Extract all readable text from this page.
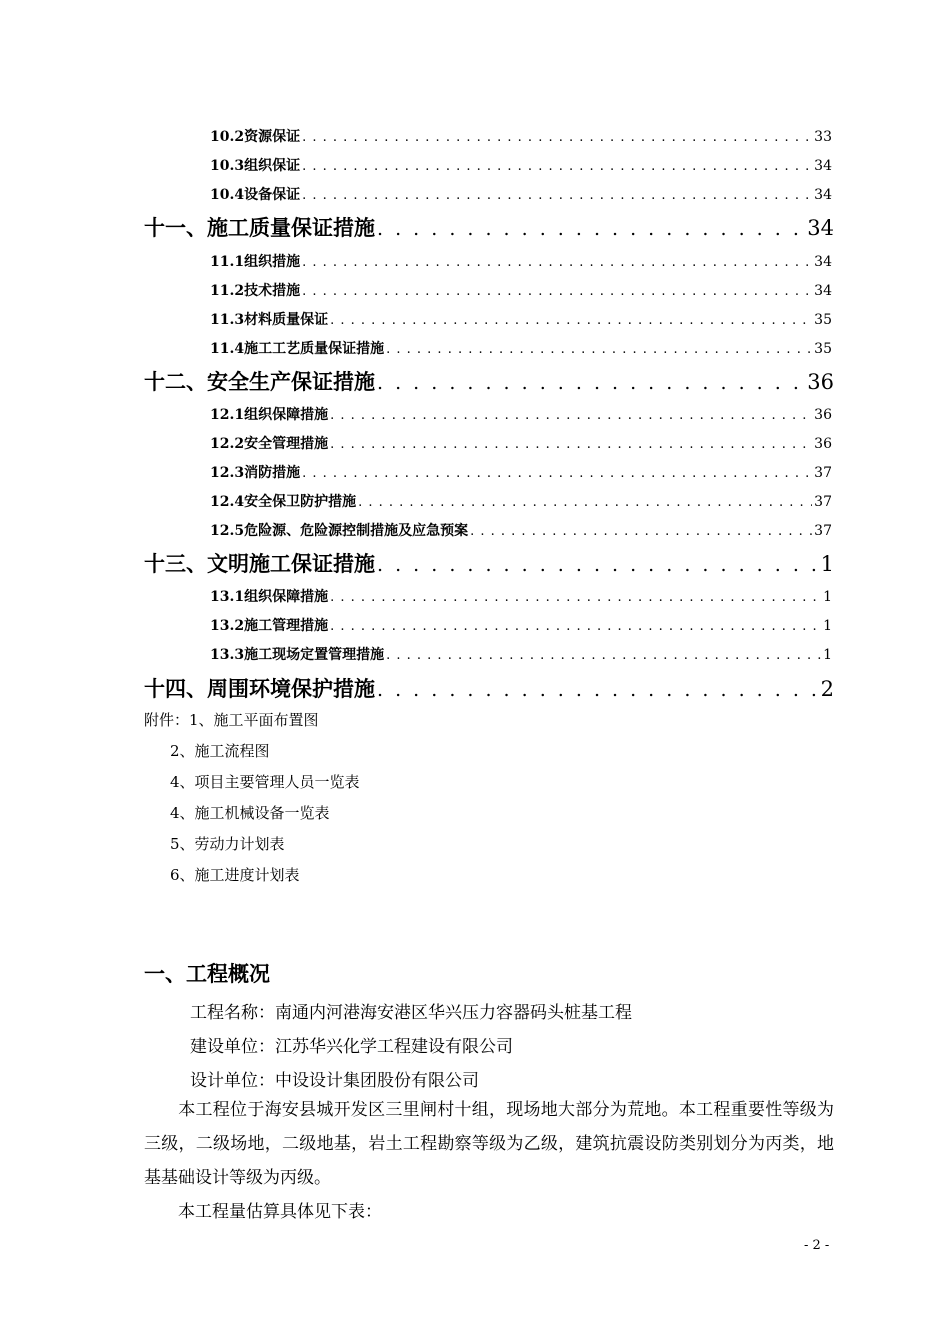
10.2 资源保证 . . .	33
10.3 组织保证 . . .	34
10.4 设备保证 . . .	34
十一、施工质量保证措施 . . .	34
11.1 组织措施 . . .	34
11.2 技术措施 . . .	34
11.3 材料质量保证 . . .	35
11.4 施工工艺质量保证措施 . . .	35
十二、安全生产保证措施 . . .	36
12.1 组织保障措施 . . .	36
12.2 安全管理措施 . . .	36
12.3 消防措施 . . .	37
12.4 安全保卫防护措施 . . .	37
12.5 危险源、危险源控制措施及应急预案 . . .	37
十三、文明施工保证措施 . . .	1
13.1 组织保障措施 . . .	1
13.2 施工管理措施 . . .	1
13.3 施工现场定置管理措施 . . .	1
十四、周围环境保护措施 . . .	2
附件：1、施工平面布置图
2、施工流程图
4、项目主要管理人员一览表
4、施工机械设备一览表
5、劳动力计划表
6、施工进度计划表
一、工程概况
工程名称：南通内河港海安港区华兴压力容器码头桩基工程
建设单位：江苏华兴化学工程建设有限公司
设计单位：中设设计集团股份有限公司
本工程位于海安县城开发区三里闸村十组，现场地大部分为荒地。本工程重要性等级为三级，二级场地，二级地基，岩土工程勘察等级为乙级，建筑抗震设防类别划分为丙类，地基基础设计等级为丙级。
本工程量估算具体见下表：
- 2 -
